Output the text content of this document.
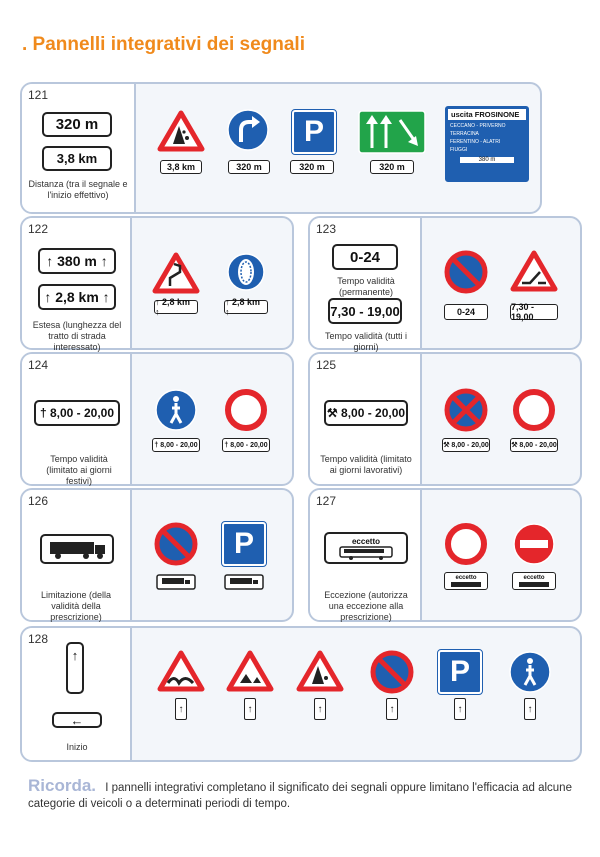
. Pannelli integrativi dei segnali
121
320 m
3,8 km
Distanza (tra il segnale e l'inizio effettivo)
3,8 km	320 m
P
320 m	320 m
uscita FROSINONE
CECCANO - PRIVERNO
TERRACINA
FERENTINO - ALATRI
FIUGGI
380 m
122
↑ 380 m ↑
↑ 2,8 km ↑
Estesa (lunghezza del tratto di strada interessato)
↑ 2,8 km ↑
↑ 2,8 km ↑
123
0-24
Tempo validità (permanente)
7,30 - 19,00
Tempo validità (tutti i giorni)
0-24	7,30 - 19,00
124
† 8,00 - 20,00
Tempo validità (limitato ai giorni festivi)
† 8,00 - 20,00	† 8,00 - 20,00
125
⚒ 8,00 - 20,00
Tempo validità (limitato ai giorni lavorativi)
⚒ 8,00 - 20,00	⚒ 8,00 - 20,00
126
Limitazione (della validità della prescrizione)
P
127
eccetto
Eccezione (autorizza una eccezione alla prescrizione)
eccetto	eccetto
128
↑
←
Inizio
↑	↑	↑	↑
P
↑	↑
Ricorda. I pannelli integrativi completano il significato dei segnali oppure limitano l'efficacia ad alcune categorie di veicoli o a determinati periodi di tempo.
